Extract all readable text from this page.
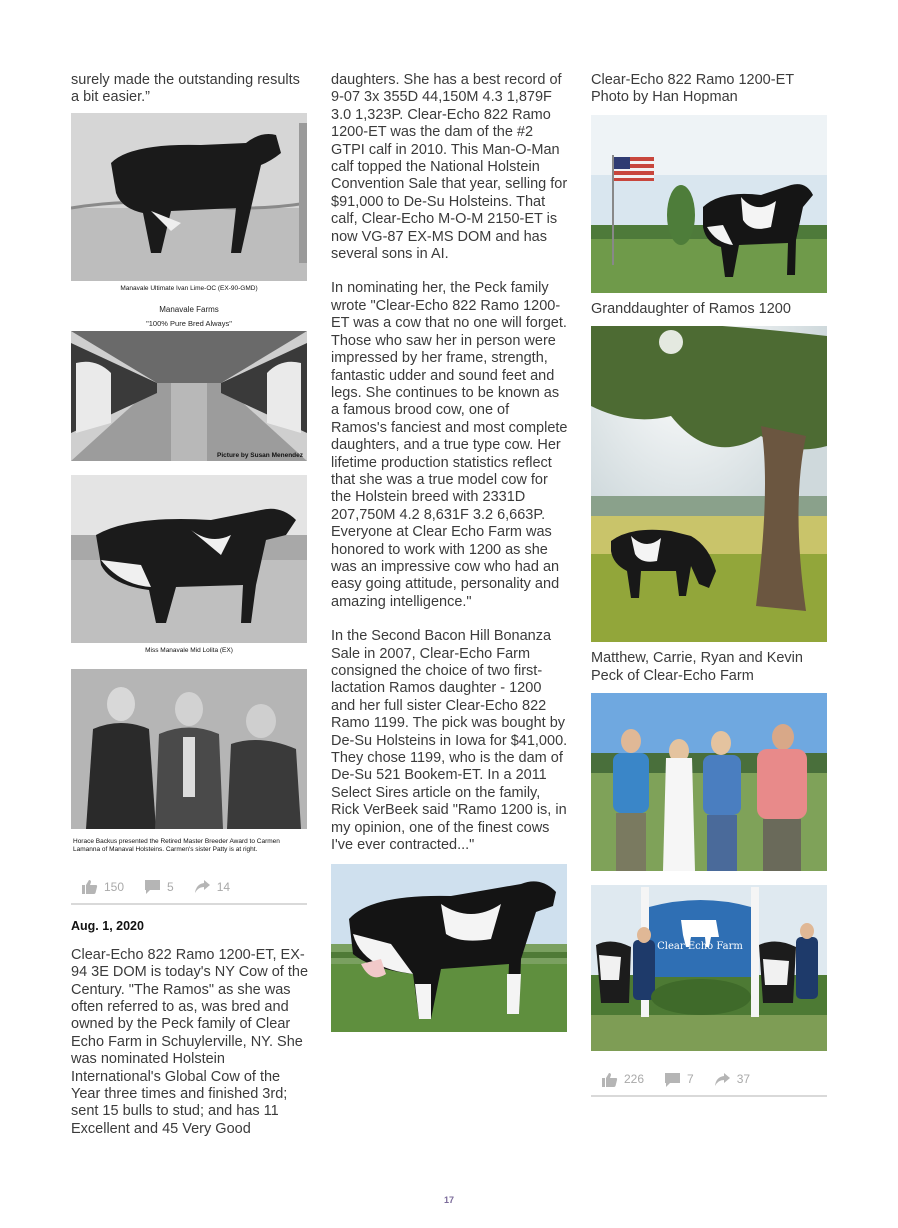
surely made the outstanding results a bit easier.”

Manavale Ultimate Ivan Lime-OC (EX-90-GMD)
Manavale Farms
"100% Pure Bred Always"
Picture by Susan Menendez
Miss Manavale Mid Lolita (EX)
Horace Backus presented the Retired Master Breeder Award to Carmen Lamanna of Manaval Holsteins. Carmen's sister Patty is at right.
150	5	14
Aug. 1, 2020

Clear-Echo 822 Ramo 1200-ET, EX-94 3E DOM is today's NY Cow of the Century. "The Ramos" as she was often referred to as, was bred and owned by the Peck family of Clear Echo Farm in Schuylerville, NY. She was nominated Holstein International's Global Cow of the Year three times and finished 3rd; sent 15 bulls to stud; and has 11 Excellent and 45 Very Good

daughters. She has a best record of 9-07 3x 355D 44,150M 4.3 1,879F 3.0 1,323P. Clear-Echo 822 Ramo 1200-ET was the dam of the #2 GTPI calf in 2010. This Man-O-Man calf topped the National Holstein Convention Sale that year, selling for $91,000 to De-Su Holsteins. That calf, Clear-Echo M-O-M 2150-ET is now VG-87 EX-MS DOM and has several sons in AI.

In nominating her, the Peck family wrote "Clear-Echo 822 Ramo 1200-ET was a cow that no one will forget. Those who saw her in person were impressed by her frame, strength, fantastic udder and sound feet and legs. She continues to be known as a famous brood cow, one of Ramos's fanciest and most complete daughters, and a true type cow. Her lifetime production statistics reflect that she was a true model cow for the Holstein breed with 2331D 207,750M 4.2 8,631F 3.2 6,663P. Everyone at Clear Echo Farm was honored to work with 1200 as she was an impressive cow who had an easy going attitude, personality and amazing intelligence."

In the Second Bacon Hill Bonanza Sale in 2007, Clear-Echo Farm consigned the choice of two first-lactation Ramos daughter - 1200 and her full sister Clear-Echo 822 Ramo 1199. The pick was bought by De-Su Holsteins in Iowa for $41,000. They chose 1199, who is the dam of De-Su 521 Bookem-ET. In a 2011 Select Sires article on the family, Rick VerBeek said "Ramo 1200 is, in my opinion, one of the finest cows I've ever contracted..."

Clear-Echo 822 Ramo 1200-ET Photo by Han Hopman

Granddaughter of Ramos 1200

Matthew, Carrie, Ryan and Kevin Peck of Clear-Echo Farm

Clear Echo Farm
226	7	37
17
